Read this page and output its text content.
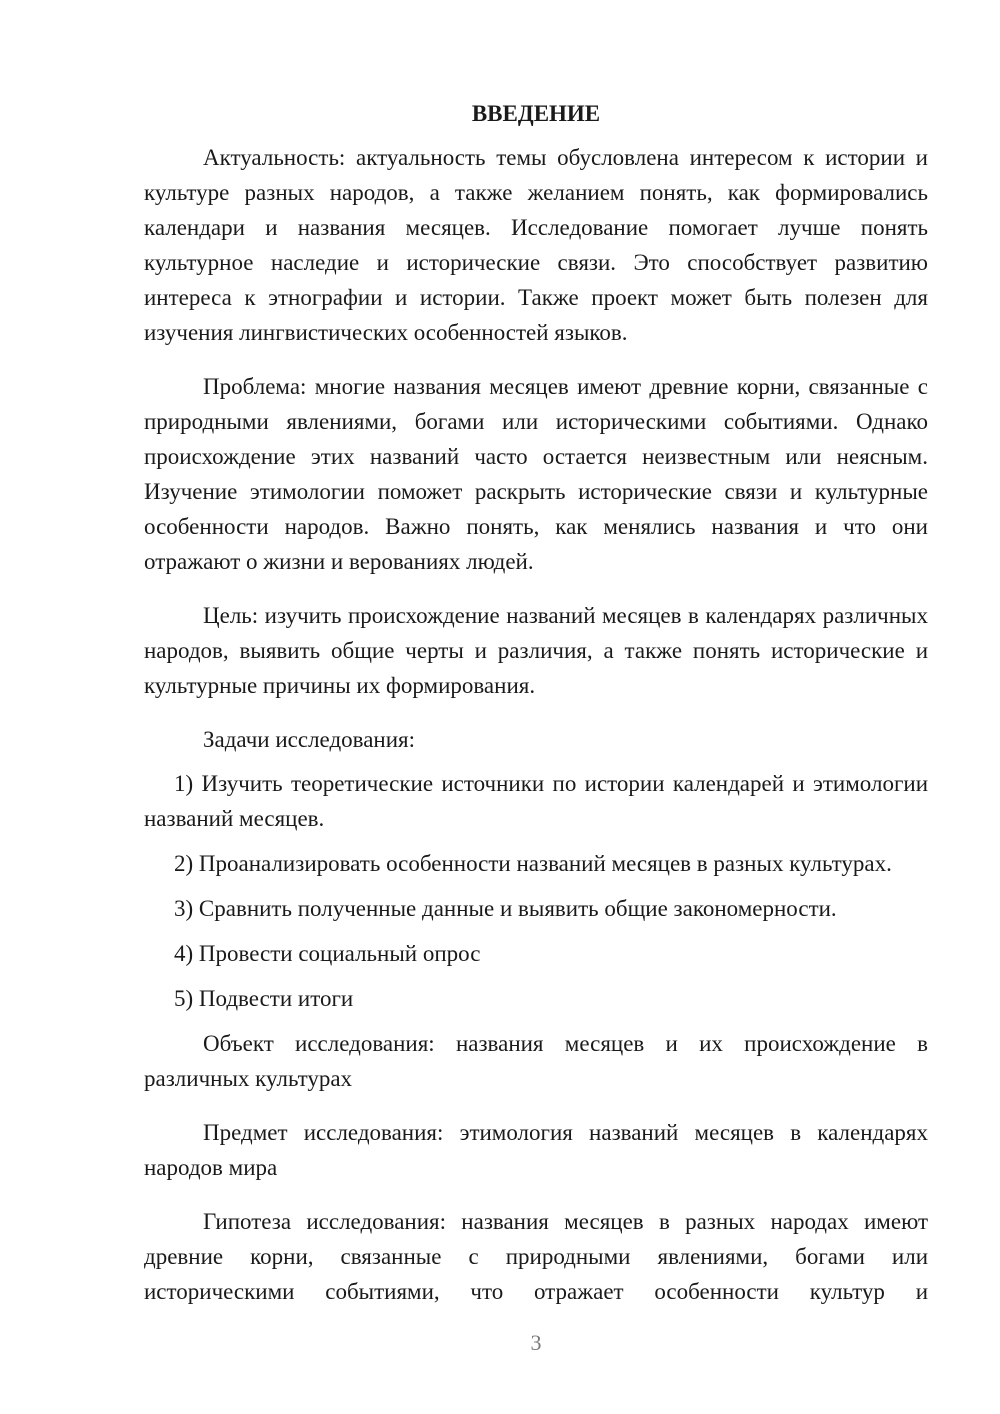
ВВЕДЕНИЕ

Актуальность: актуальность темы обусловлена интересом к истории и культуре разных народов, а также желанием понять, как формировались календари и названия месяцев. Исследование помогает лучше понять культурное наследие и исторические связи. Это способствует развитию интереса к этнографии и истории. Также проект может быть полезен для изучения лингвистических особенностей языков.

Проблема: многие названия месяцев имеют древние корни, связанные с природными явлениями, богами или историческими событиями. Однако происхождение этих названий часто остается неизвестным или неясным. Изучение этимологии поможет раскрыть исторические связи и культурные особенности народов. Важно понять, как менялись названия и что они отражают о жизни и верованиях людей.

Цель: изучить происхождение названий месяцев в календарях различных народов, выявить общие черты и различия, а также понять исторические и культурные причины их формирования.

Задачи исследования:

1) Изучить теоретические источники по истории календарей и этимологии названий месяцев.

2) Проанализировать особенности названий месяцев в разных культурах.

3) Сравнить полученные данные и выявить общие закономерности.

4) Провести социальный опрос

5) Подвести итоги

Объект исследования: названия месяцев и их происхождение в различных культурах

Предмет исследования: этимология названий месяцев в календарях народов мира

Гипотеза исследования: названия месяцев в разных народах имеют древние корни, связанные с природными явлениями, богами или историческими событиями, что отражает особенности культур и

3
